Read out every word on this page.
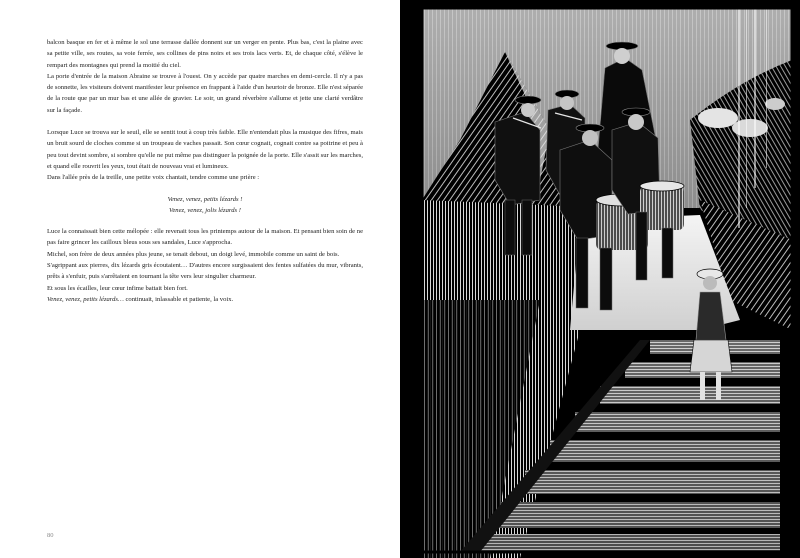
balcon basque en fer et à même le sol une terrasse dallée donnent sur un verger en pente. Plus bas, c'est la plaine avec sa petite ville, ses routes, sa voie ferrée, ses collines de pins noirs et ses trois lacs verts. Et, de chaque côté, s'élève le rempart des montagnes qui prend la moitié du ciel.

La porte d'entrée de la maison Abraine se trouve à l'ouest. On y accède par quatre marches en demi-cercle. Il n'y a pas de sonnette, les visiteurs doivent manifester leur présence en frappant à l'aide d'un heurtoir de bronze. Elle n'est séparée de la route que par un mur bas et une allée de gravier. Le soir, un grand réverbère s'allume et jette une clarté verdâtre sur la façade.

Lorsque Luce se trouva sur le seuil, elle se sentit tout à coup très faible. Elle n'entendait plus la musique des fifres, mais un bruit sourd de cloches comme si un troupeau de vaches passait. Son cœur cognait, cognait contre sa poitrine et peu à peu tout devint sombre, si sombre qu'elle ne put même pas distinguer la poignée de la porte. Elle s'assit sur les marches, et quand elle rouvrit les yeux, tout était de nouveau vrai et lumineux.

Dans l'allée près de la treille, une petite voix chantait, tendre comme une prière :

Venez, venez, petits lézards !
Venez, venez, jolis lézards !

Luce la connaissait bien cette mélopée : elle revenait tous les printemps autour de la maison. Et pensant bien soin de ne pas faire grincer les cailloux bleus sous ses sandales, Luce s'approcha.

Michel, son frère de deux années plus jeune, se tenait debout, un doigt levé, immobile comme un saint de bois.

S'agrippant aux pierres, dix lézards gris écoutaient… D'autres encore surgissaient des fentes sulfatées du mur, vibrants, prêts à s'enfuir, puis s'arrêtaient en tournant la tête vers leur singulier charmeur.

Et sous les écailles, leur cœur infime battait bien fort.

Venez, venez, petits lézards… continuait, inlassable et patiente, la voix.

80
